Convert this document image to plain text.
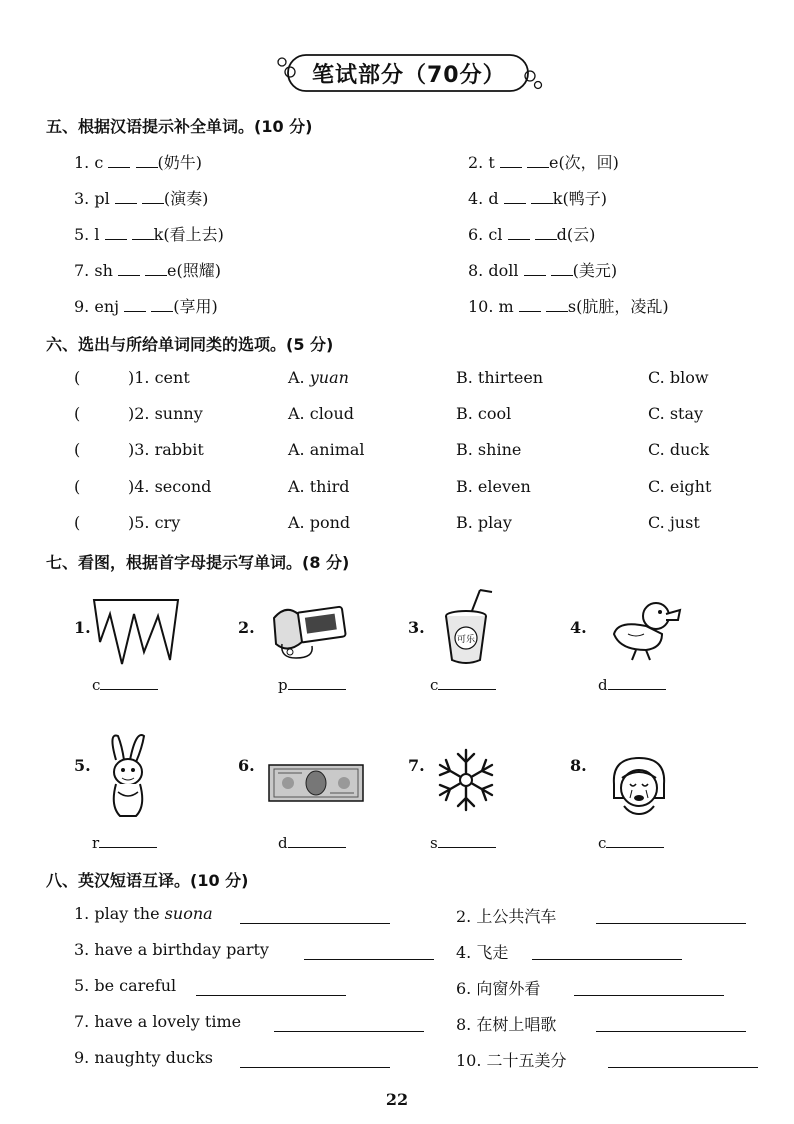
笔试部分（70分）
五、根据汉语提示补全单词。(10 分)
1. c	(奶牛)	2. t	e(次，回)
3. pl	(演奏)	4. d	k(鸭子)
5. l	k(看上去)	6. cl	d(云)
7. sh	e(照耀)	8. doll	(美元)
9. enj	(享用)	10. m	s(肮脏，凌乱)
六、选出与所给单词同类的选项。(5 分)
(	)1. cent	A. yuan	B. thirteen	C. blow
(	)2. sunny	A. cloud	B. cool	C. stay
(	)3. rabbit	A. animal	B. shine	C. duck
(	)4. second	A. third	B. eleven	C. eight
(	)5. cry	A. pond	B. play	C. just
七、看图，根据首字母提示写单词。(8 分)
1.	2.	3.	4.
可乐
c	p	c	d
5.	6.	7.	8.
r	d	s	c
八、英汉短语互译。(10 分)
1. play the suona	2. 上公共汽车
3. have a birthday party	4. 飞走
5. be careful	6. 向窗外看
7. have a lovely time	8. 在树上唱歌
9. naughty ducks	10. 二十五美分
22
